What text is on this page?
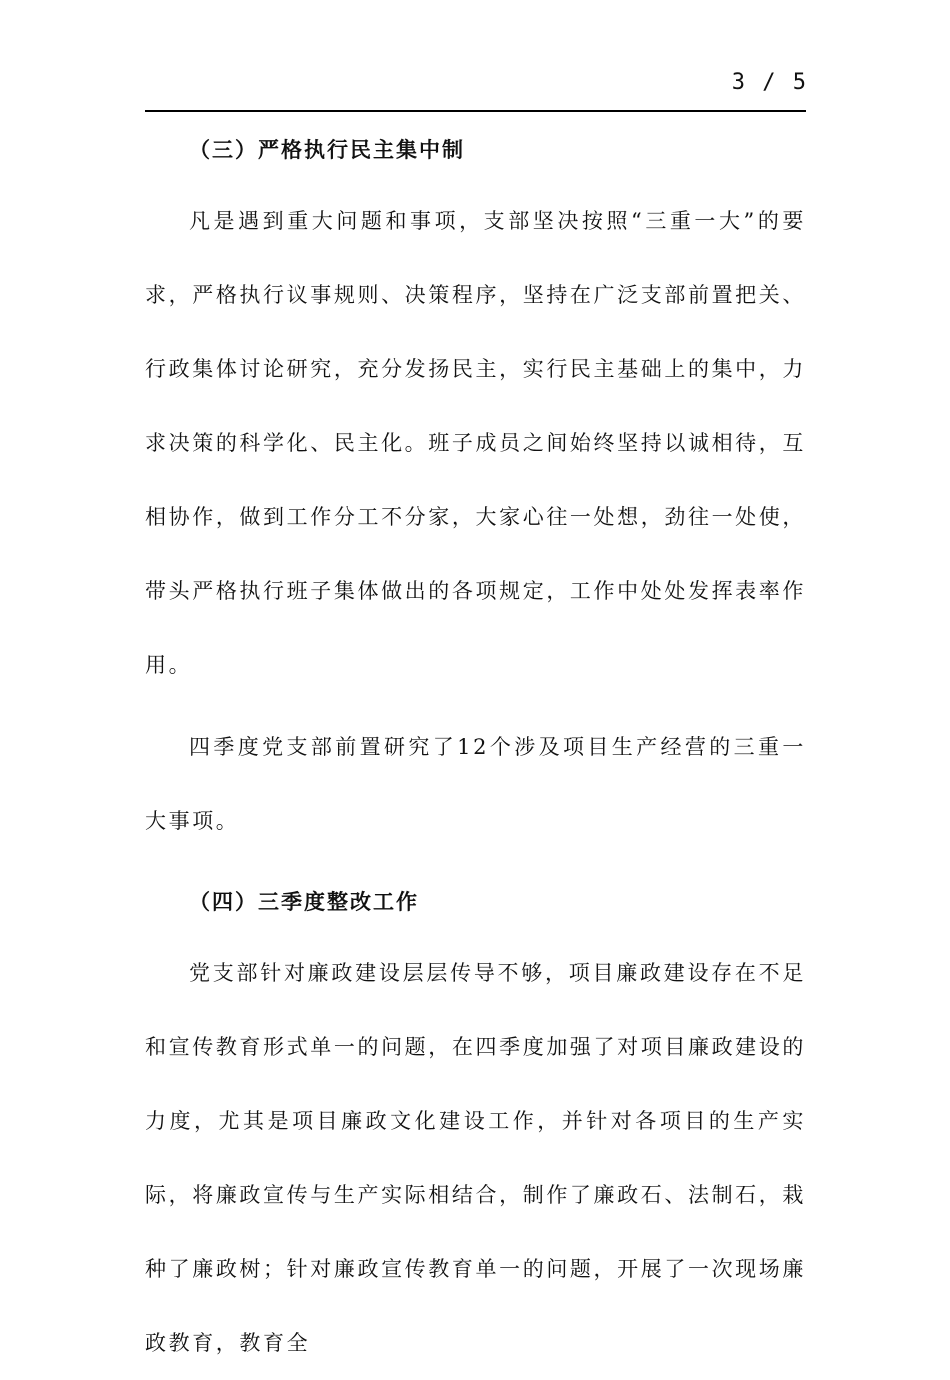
3 / 5
（三）严格执行民主集中制

凡是遇到重大问题和事项，支部坚决按照“三重一大”的要求，严格执行议事规则、决策程序，坚持在广泛支部前置把关、行政集体讨论研究，充分发扬民主，实行民主基础上的集中，力求决策的科学化、民主化。班子成员之间始终坚持以诚相待，互相协作，做到工作分工不分家，大家心往一处想，劲往一处使，带头严格执行班子集体做出的各项规定，工作中处处发挥表率作用。

四季度党支部前置研究了12个涉及项目生产经营的三重一大事项。

（四）三季度整改工作

党支部针对廉政建设层层传导不够，项目廉政建设存在不足和宣传教育形式单一的问题，在四季度加强了对项目廉政建设的力度，尤其是项目廉政文化建设工作，并针对各项目的生产实际，将廉政宣传与生产实际相结合，制作了廉政石、法制石，栽种了廉政树；针对廉政宣传教育单一的问题，开展了一次现场廉政教育，教育全
